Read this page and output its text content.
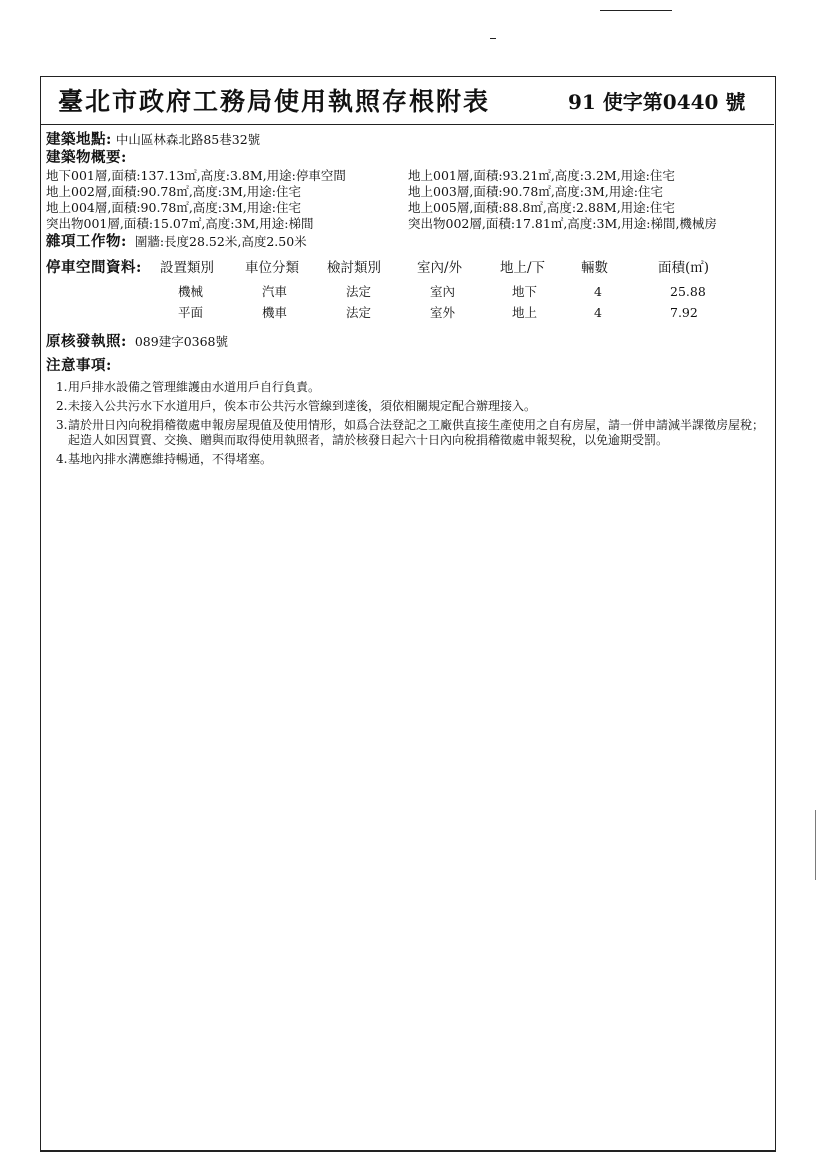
臺北市政府工務局使用執照存根附表	91 使字第0440 號
建築地點: 中山區林森北路85巷32號
建築物概要:
地下001層,面積:137.13㎡,高度:3.8M,用途:停車空間	地上001層,面積:93.21㎡,高度:3.2M,用途:住宅
地上002層,面積:90.78㎡,高度:3M,用途:住宅	地上003層,面積:90.78㎡,高度:3M,用途:住宅
地上004層,面積:90.78㎡,高度:3M,用途:住宅	地上005層,面積:88.8㎡,高度:2.88M,用途:住宅
突出物001層,面積:15.07㎡,高度:3M,用途:梯間	突出物002層,面積:17.81㎡,高度:3M,用途:梯間,機械房
雜項工作物: 圍牆:長度28.52米,高度2.50米
停車空間資料: 設置類別 車位分類 檢討類別	室內/外	地上/下	輛數	面積(㎡)
機械	汽車	法定	室內	地下	4	25.88
平面	機車	法定	室外	地上	4	7.92
原核發執照: 089建字0368號
注意事項:
1. 用戶排水設備之管理維護由水道用戶自行負責。
2. 未接入公共污水下水道用戶，俟本市公共污水管線到達後，須依相關規定配合辦理接入。
3. 請於卅日內向稅捐稽徵處申報房屋現值及使用情形，如爲合法登記之工廠供直接生產使用之自有房屋，請一併申請減半課徵房屋稅；起造人如因買賣、交換、贈與而取得使用執照者，請於核發日起六十日內向稅捐稽徵處申報契稅，以免逾期受罰。
4. 基地內排水溝應維持暢通，不得堵塞。
